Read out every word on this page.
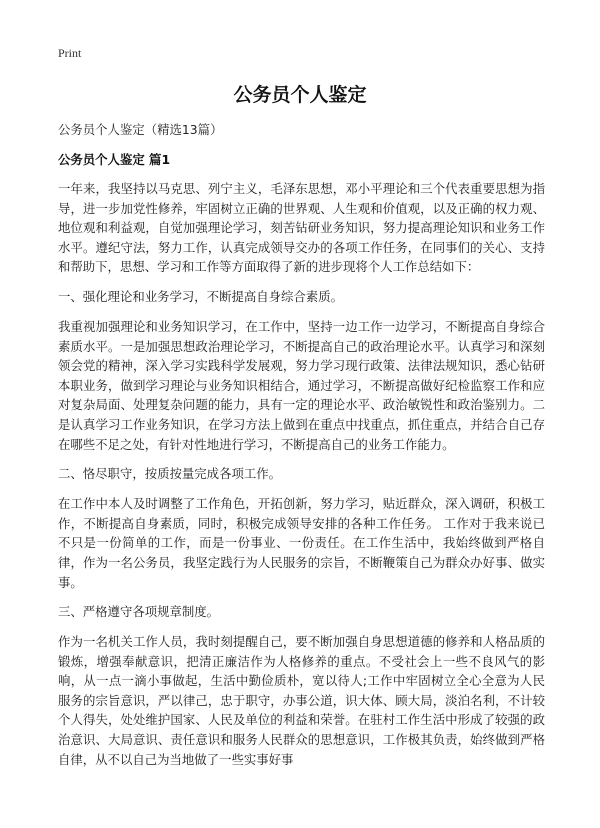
Print
公务员个人鉴定

公务员个人鉴定（精选13篇）

公务员个人鉴定 篇1

一年来，我坚持以马克思、列宁主义，毛泽东思想，邓小平理论和三个代表重要思想为指导，进一步加党性修养，牢固树立正确的世界观、人生观和价值观，以及正确的权力观、地位观和利益观，自觉加强理论学习，刻苦钻研业务知识，努力提高理论知识和业务工作水平。遵纪守法，努力工作，认真完成领导交办的各项工作任务，在同事们的关心、支持和帮助下，思想、学习和工作等方面取得了新的进步现将个人工作总结如下：

一、强化理论和业务学习，不断提高自身综合素质。

我重视加强理论和业务知识学习，在工作中，坚持一边工作一边学习，不断提高自身综合素质水平。一是加强思想政治理论学习，不断提高自己的政治理论水平。认真学习和深刻领会党的精神，深入学习实践科学发展观，努力学习现行政策、法律法规知识，悉心钻研本职业务，做到学习理论与业务知识相结合，通过学习，不断提高做好纪检监察工作和应对复杂局面、处理复杂问题的能力，具有一定的理论水平、政治敏锐性和政治鉴别力。二是认真学习工作业务知识，在学习方法上做到在重点中找重点，抓住重点，并结合自己存在哪些不足之处，有针对性地进行学习，不断提高自己的业务工作能力。

二、恪尽职守，按质按量完成各项工作。

在工作中本人及时调整了工作角色，开拓创新，努力学习，贴近群众，深入调研，积极工作，不断提高自身素质，同时，积极完成领导安排的各种工作任务。 工作对于我来说已不只是一份简单的工作，而是一份事业、一份责任。在工作生活中，我始终做到严格自律，作为一名公务员，我坚定践行为人民服务的宗旨，不断鞭策自己为群众办好事、做实事。

三、严格遵守各项规章制度。

作为一名机关工作人员，我时刻提醒自己，要不断加强自身思想道德的修养和人格品质的锻炼，增强奉献意识，把清正廉洁作为人格修养的重点。不受社会上一些不良风气的影响，从一点一滴小事做起，生活中勤俭质朴，宽以待人;工作中牢固树立全心全意为人民服务的宗旨意识，严以律己，忠于职守，办事公道，识大体、顾大局，淡泊名利，不计较个人得失，处处维护国家、人民及单位的利益和荣誉。在驻村工作生活中形成了较强的政治意识、大局意识、责任意识和服务人民群众的思想意识，工作极其负责，始终做到严格自律，从不以自己为当地做了一些实事好事
